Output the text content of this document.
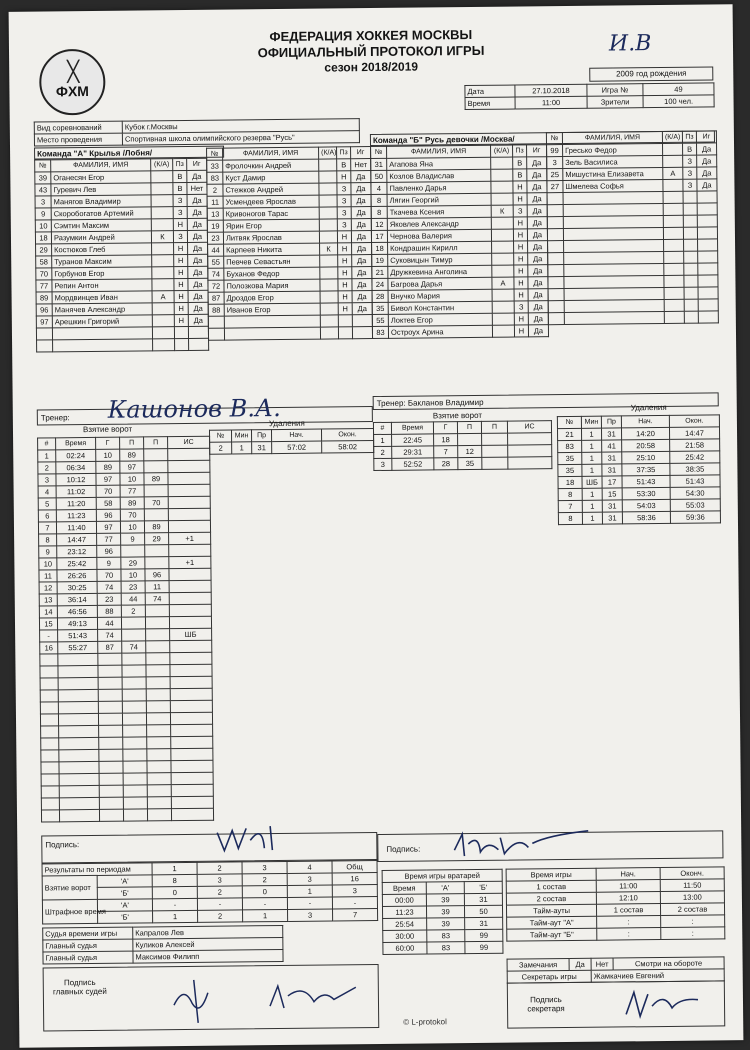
╳
ФХМ
ФЕДЕРАЦИЯ ХОККЕЯ МОСКВЫ
ОФИЦИАЛЬНЫЙ ПРОТОКОЛ ИГРЫ
сезон 2018/2019
И.В
2009 год рождения
Дата	27.10.2018	Игра №	49
Время	11:00	Зрители	100 чел.
Вид соревнований	Кубок г.Москвы
Место проведения	Спортивная школа олимпийского резерва "Русь"
Команда "А" Крылья /Лобня/
Команда "Б" Русь девочки /Москва/
№	ФАМИЛИЯ, ИМЯ	(К/А)	Пз	Иг
39	Оганесян Егор		В	Да
43	Гуревич Лев		В	Нет
3	Манягов Владимир		З	Да
9	Скоробогатов Артемий		З	Да
10	Сэмтин Максим		Н	Да
18	Разумкин Андрей	К	З	Да
29	Костюков Глеб		Н	Да
58	Туранов Максим		Н	Да
70	Горбунов Егор		Н	Да
77	Репин Антон		Н	Да
89	Мордвинцев Иван	А	Н	Да
96	Манячев Александр		Н	Да
97	Арешкин Григорий		Н	Да

№	ФАМИЛИЯ, ИМЯ	(К/А)	Пз	Иг
33	Фролочкин Андрей		В	Нет
83	Куст Дамир		Н	Да
2	Стежков Андрей		З	Да
11	Усмендеев Ярослав		З	Да
13	Кривоногов Тарас		З	Да
19	Ярин Егор		З	Да
23	Литвяк Ярослав		Н	Да
44	Карпеев Никита	К	Н	Да
55	Певчев Севастьян		Н	Да
74	Буханов Федор		Н	Да
72	Полозкова Мария		Н	Да
87	Дроздов Егор		Н	Да
88	Иванов Егор		Н	Да

№	ФАМИЛИЯ, ИМЯ	(К/А)	Пз	Иг
31	Агапова Яна		В	Да
50	Козлов Владислав		В	Да
4	Павленко Дарья		Н	Да
8	Лягин Георгий		Н	Да
8	Ткачева Ксения	К	З	Да
12	Яковлев Александр		Н	Да
17	Чернова Валерия		Н	Да
18	Кондрашин Кирилл		Н	Да
19	Суковицын Тимур		Н	Да
21	Дружкевина Анголина		Н	Да
24	Багрова Дарья	А	Н	Да
28	Внучко Мария		Н	Да
35	Бивол Константин		З	Да
55	Локтев Егор		Н	Да
83	Остроух Арина		Н	Да
№	ФАМИЛИЯ, ИМЯ	(К/А)	Пз	Иг
99	Гресько Федор		В	Да
3	Зель Василиса		З	Да
25	Мишустина Елизавета	А	З	Да
27	Шмелева Софья		З	Да

Тренер: Кашонов В.А.	Тренер: Бакланов Владимир
Взятие ворот
Удаления
#	Время	Г	П	П	ИС
1	02:24	10	89		
2	06:34	89	97		
3	10:12	97	10	89	
4	11:02	70	77		
5	11:20	58	89	70	
6	11:23	96	70		
7	11:40	97	10	89	
8	14:47	77	9	29	+1
9	23:12	96			
10	25:42	9	29		+1
11	26:26	70	10	96	
12	30:25	74	23	11	
13	36:14	23	44	74	
14	46:56	88	2		
15	49:13	44			
-	51:43	74			ШБ
16	55:27	87	74		

№	Мин	Пр	Нач.	Окон.
2	1	31	57:02	58:02
Взятие ворот
Удаления
#	Время	Г	П	П	ИС
1	22:45	18			
2	29:31	7	12		
3	52:52	28	35		
№	Мин	Пр	Нач.	Окон.
21	1	31	14:20	14:47
83	1	41	20:58	21:58
35	1	31	25:10	25:42
35	1	31	37:35	38:35
18	ШБ	17	51:43	51:43
8	1	15	53:30	54:30
7	1	31	54:03	55:03
8	1	31	58:36	59:36
Подпись:	Подпись:
Результаты по периодам		1	2	3	4	Общ
Взятие ворот	'А'	8	3	2	3	16
	'Б'	0	2	0	1	3
Штрафное время	'А'	-	-	-	-	-
	'Б'	1	2	1	3	7
Судья времени игры	Капралов Лев
Главный судья	Куликов Алексей
Главный судья	Максимов Филипп
Подпись главных судей
Время игры вратарей		
Время	'А'	'Б'
00:00	39	31
11:23	39	50
25:54	39	31
30:00	83	99
60:00	83	99
© L-protokol
Время игры	Нач.	Оконч.
1 состав	11:00	11:50
2 состав	12:10	13:00
Тайм-ауты	1 состав	2 состав
Тайм-аут "А"	:	:
Тайм-аут "Б"	:	:
Замечания	Да	Нет	Смотри на обороте
Секретарь игры		Жамкачиев Евгений	
Подпись секретаря
